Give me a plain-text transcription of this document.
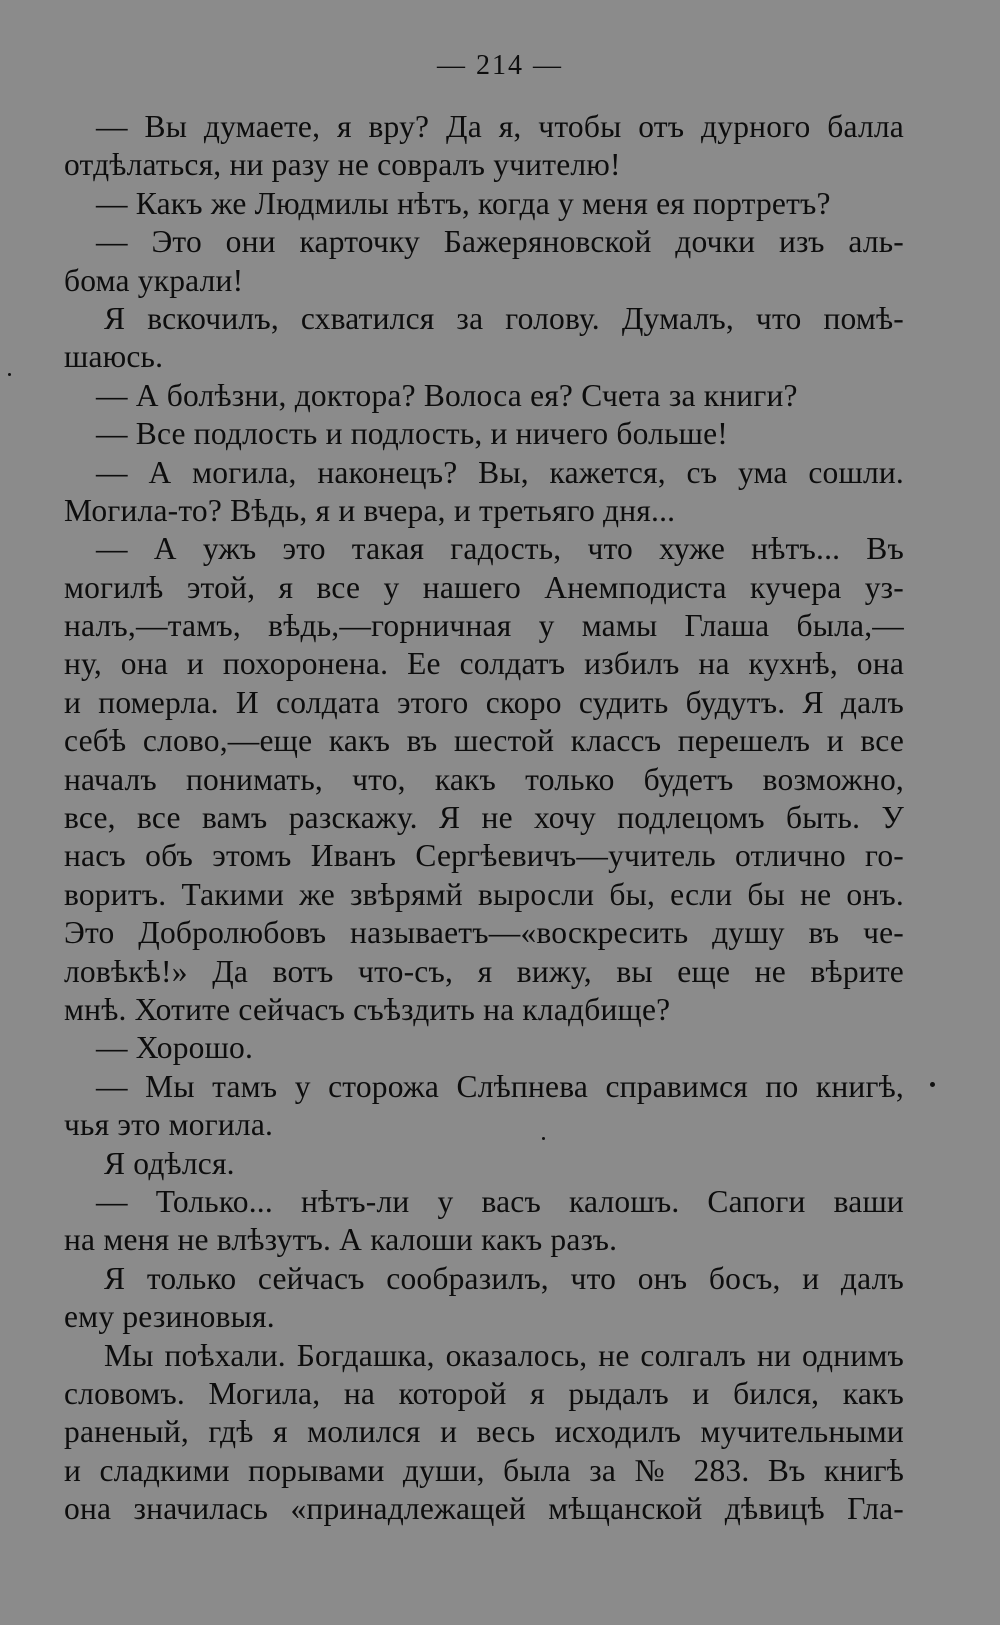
— 214 —
— Вы думаете, я вру? Да я, чтобы отъ дурного балла
отдѣлаться, ни разу не совралъ учителю!
— Какъ же Людмилы нѣтъ, когда у меня ея портретъ?
— Это они карточку Бажеряновской дочки изъ аль-
бома украли!
Я вскочилъ, схватился за голову. Думалъ, что помѣ-
шаюсь.
— А болѣзни, доктора? Волоса ея? Счета за книги?
— Все подлость и подлость, и ничего больше!
— А могила, наконецъ? Вы, кажется, съ ума сошли.
Могила-то? Вѣдь, я и вчера, и третьяго дня...
— А ужъ это такая гадость, что хуже нѣтъ... Въ
могилѣ этой, я все у нашего Анемподиста кучера уз-
налъ,—тамъ, вѣдь,—горничная у мамы Глаша была,—
ну, она и похоронена. Ее солдатъ избилъ на кухнѣ, она
и померла. И солдата этого скоро судить будутъ. Я далъ
себѣ слово,—еще какъ въ шестой классъ перешелъ и все
началъ понимать, что, какъ только будетъ возможно,
все, все вамъ разскажу. Я не хочу подлецомъ быть. У
насъ объ этомъ Иванъ Сергѣевичъ—учитель отлично го-
воритъ. Такими же звѣрямй выросли бы, если бы не онъ.
Это Добролюбовъ называетъ—«воскресить душу въ че-
ловѣкѣ!» Да вотъ что-съ, я вижу, вы еще не вѣрите
мнѣ. Хотите сейчасъ съѣздить на кладбище?
— Хорошо.
— Мы тамъ у сторожа Слѣпнева справимся по книгѣ,
чья это могила.
Я одѣлся.
— Только... нѣтъ-ли у васъ калошъ. Сапоги ваши
на меня не влѣзутъ. А калоши какъ разъ.
Я только сейчасъ сообразилъ, что онъ босъ, и далъ
ему резиновыя.
Мы поѣхали. Богдашка, оказалось, не солгалъ ни однимъ
словомъ. Могила, на которой я рыдалъ и бился, какъ
раненый, гдѣ я молился и весь исходилъ мучительными
и сладкими порывами души, была за № 283. Въ книгѣ
она значилась «принадлежащей мѣщанской дѣвицѣ Гла-
